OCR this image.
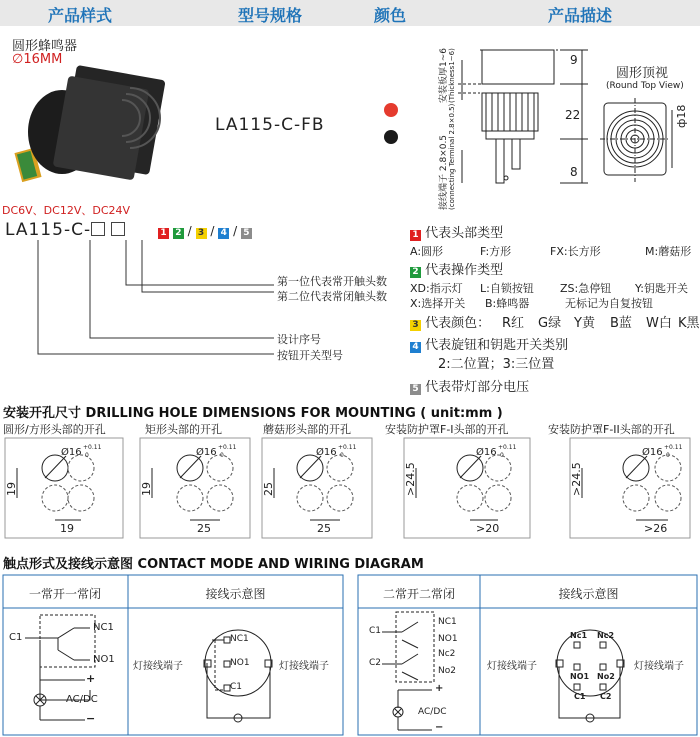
产品样式	型号规格	颜色	产品描述
圆形蜂鸣器
∅16MM
DC6V、DC12V、DC24V
LA115-C-FB
9
22
8
圆形顶视
(Round Top View)
ф18
安装板厚1~6 (Thickness1~6)
接线端子 2.8×0.5 (connecting Terminal 2.8×0.5)
LA115-C-	1 2 / 3 / 4 / 5
第一位代表常开触头数
第二位代表常闭触头数
设计序号
按钮开关型号
1 代表头部类型
A:圆形	F:方形	FX:长方形	M:蘑菇形
2 代表操作类型
XD:指示灯 L:自锁按钮 ZS:急停钮 Y:钥匙开关
X:选择开关 B:蜂鸣器	无标记为自复按钮
3 代表颜色： R红 G绿 Y黄 B蓝 W白 K黑
4 代表旋钮和钥匙开关类别
2:二位置；3:三位置
5 代表带灯部分电压
安装开孔尺寸 DRILLING HOLE DIMENSIONS FOR MOUNTING ( unit:mm )
圆形/方形头部的开孔	矩形头部的开孔	蘑菇形头部的开孔	安装防护罩F-I头部的开孔	安装防护罩F-II头部的开孔
Ø16 +0.11
0
19
19
Ø16 +0.11
0
19
25
Ø16 +0.11
0
25
25
Ø16 +0.11
0
>24.5
>20
Ø16 +0.11
0
>24.5
>26
触点形式及接线示意图 CONTACT MODE AND WIRING DIAGRAM
一常开一常闭	接线示意图	二常开二常闭	接线示意图
C1
NC1
NO1
AC/DC
+
−
灯接线端子	灯接线端子
NC1
NO1
C1
C1
C2
NC1
NO1
Nc2
No2
AC/DC
+
−
灯接线端子	灯接线端子
Nc1 Nc2
NO1 No2
C1 C2
